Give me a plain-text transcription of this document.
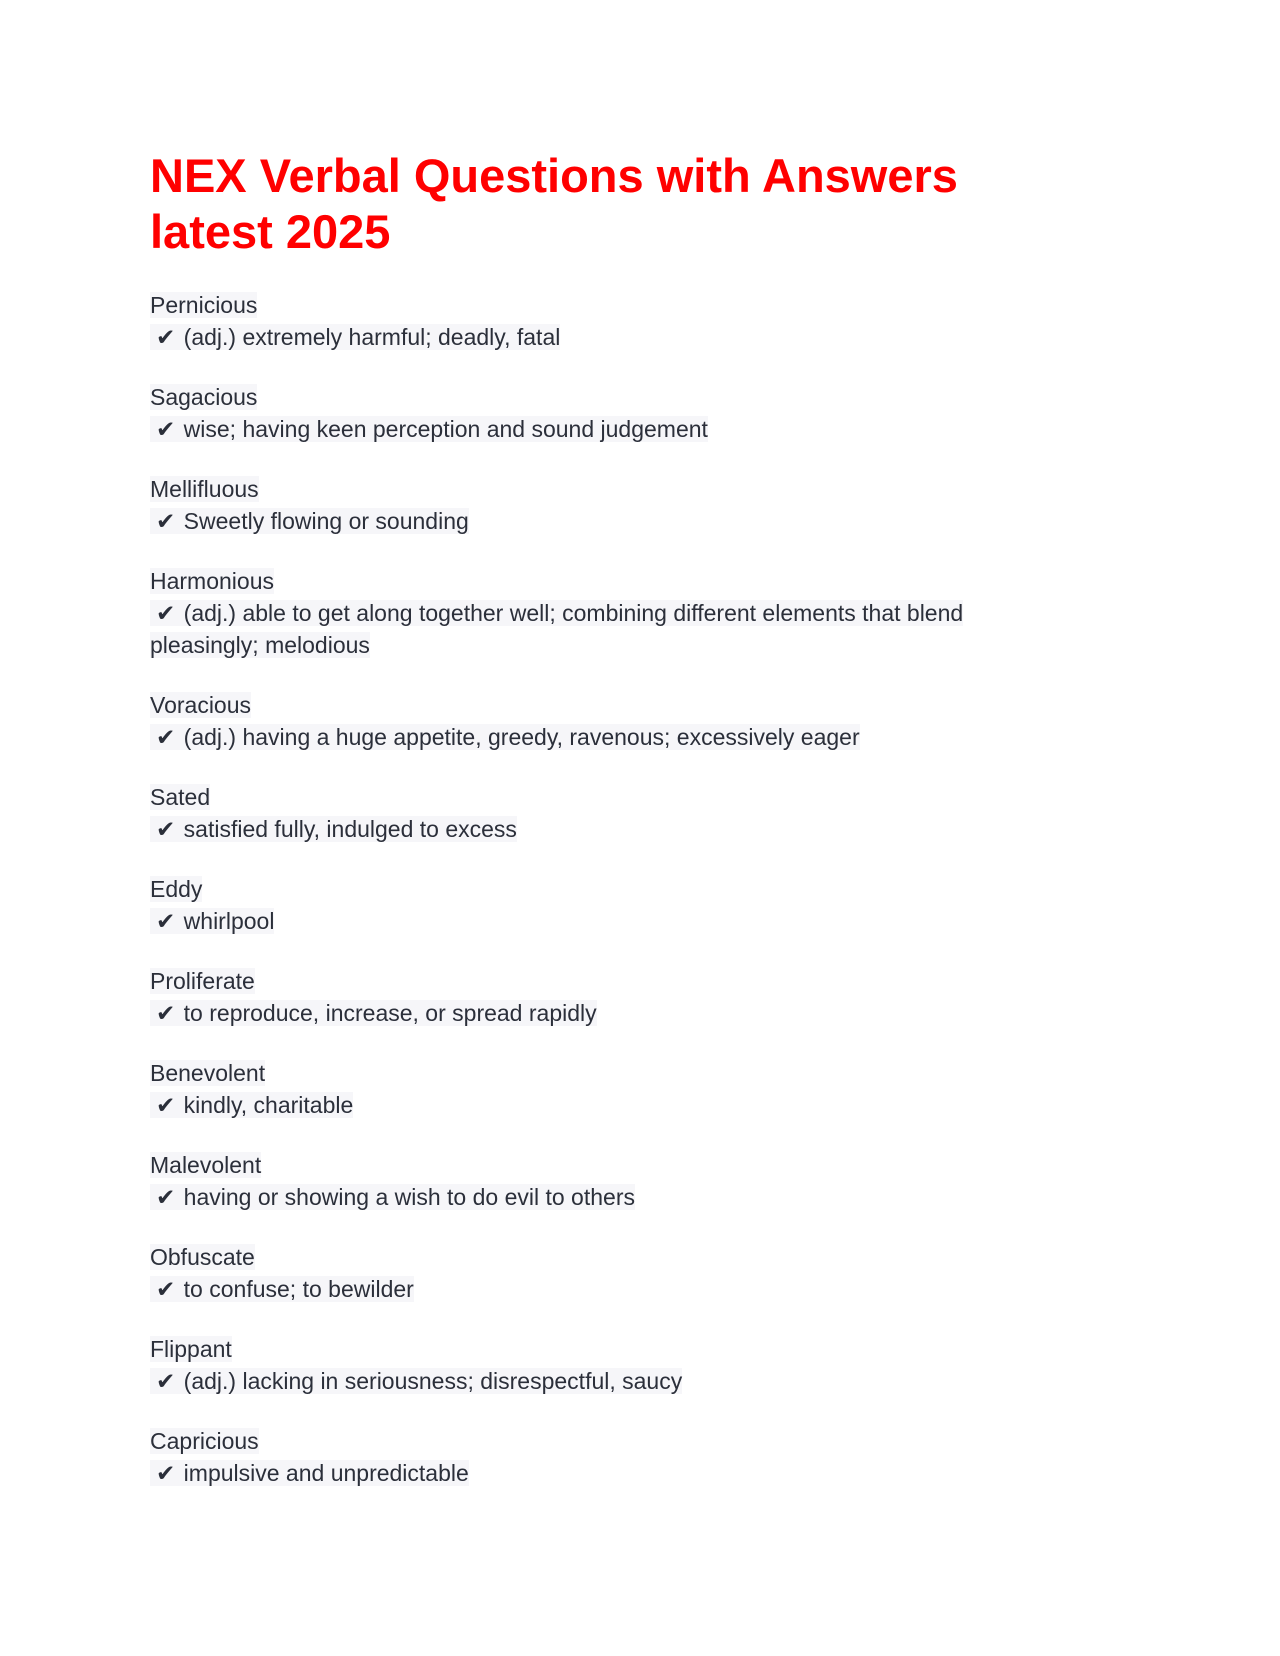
NEX Verbal Questions with Answers latest 2025
Pernicious
✔ (adj.) extremely harmful; deadly, fatal
Sagacious
✔ wise; having keen perception and sound judgement
Mellifluous
✔ Sweetly flowing or sounding
Harmonious
✔ (adj.) able to get along together well; combining different elements that blend pleasingly; melodious
Voracious
✔ (adj.) having a huge appetite, greedy, ravenous; excessively eager
Sated
✔ satisfied fully, indulged to excess
Eddy
✔ whirlpool
Proliferate
✔ to reproduce, increase, or spread rapidly
Benevolent
✔ kindly, charitable
Malevolent
✔ having or showing a wish to do evil to others
Obfuscate
✔ to confuse; to bewilder
Flippant
✔ (adj.) lacking in seriousness; disrespectful, saucy
Capricious
✔ impulsive and unpredictable
